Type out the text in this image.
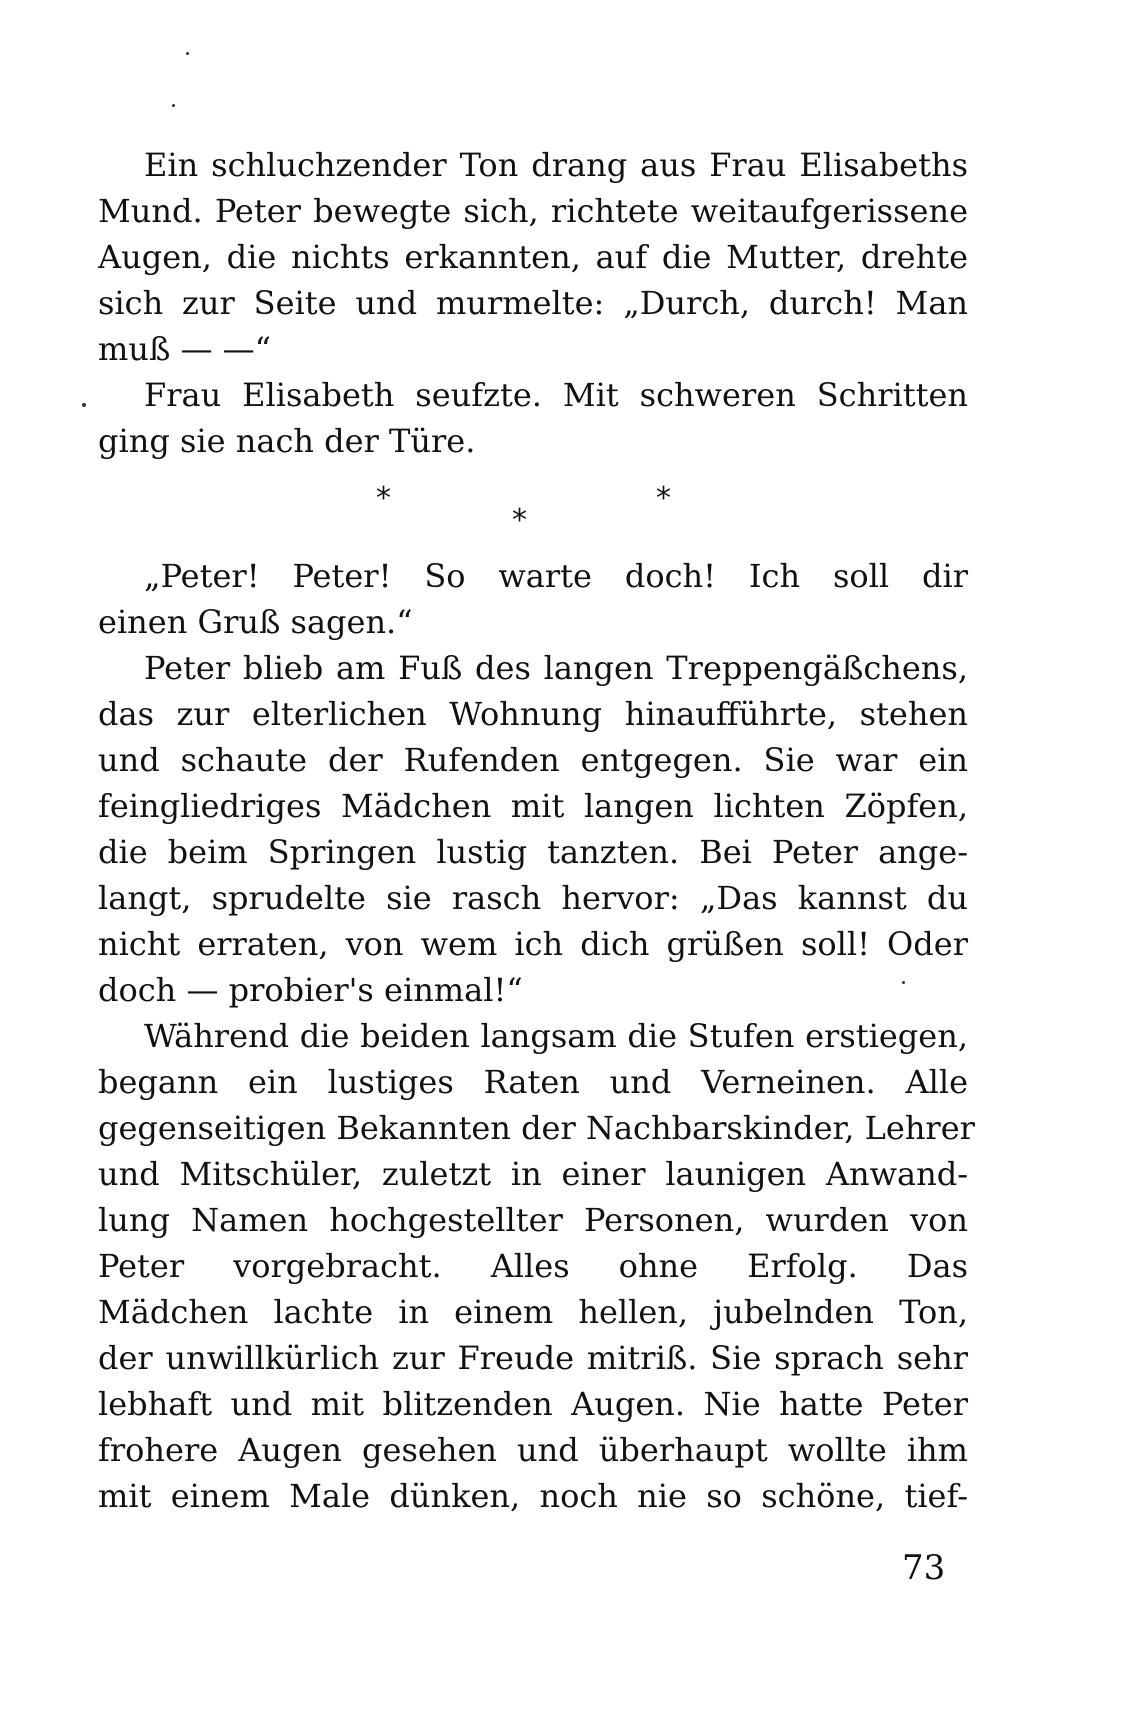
Ein schluchzender Ton drang aus Frau Elisabeths
Mund. Peter bewegte sich, richtete weitaufgerissene
Augen, die nichts erkannten, auf die Mutter, drehte
sich zur Seite und murmelte: „Durch, durch! Man
muß — —“
Frau Elisabeth seufzte. Mit schweren Schritten
ging sie nach der Türe.
*
*
*
„Peter! Peter! So warte doch! Ich soll dir
einen Gruß sagen.“
Peter blieb am Fuß des langen Treppengäßchens,
das zur elterlichen Wohnung hinaufführte, stehen
und schaute der Rufenden entgegen. Sie war ein
feingliedriges Mädchen mit langen lichten Zöpfen,
die beim Springen lustig tanzten. Bei Peter ange-
langt, sprudelte sie rasch hervor: „Das kannst du
nicht erraten, von wem ich dich grüßen soll! Oder
doch — probier's einmal!“
Während die beiden langsam die Stufen erstiegen,
begann ein lustiges Raten und Verneinen. Alle
gegenseitigen Bekannten der Nachbarskinder, Lehrer
und Mitschüler, zuletzt in einer launigen Anwand-
lung Namen hochgestellter Personen, wurden von
Peter vorgebracht. Alles ohne Erfolg. Das
Mädchen lachte in einem hellen, jubelnden Ton,
der unwillkürlich zur Freude mitriß. Sie sprach sehr
lebhaft und mit blitzenden Augen. Nie hatte Peter
frohere Augen gesehen und überhaupt wollte ihm
mit einem Male dünken, noch nie so schöne, tief-
73
